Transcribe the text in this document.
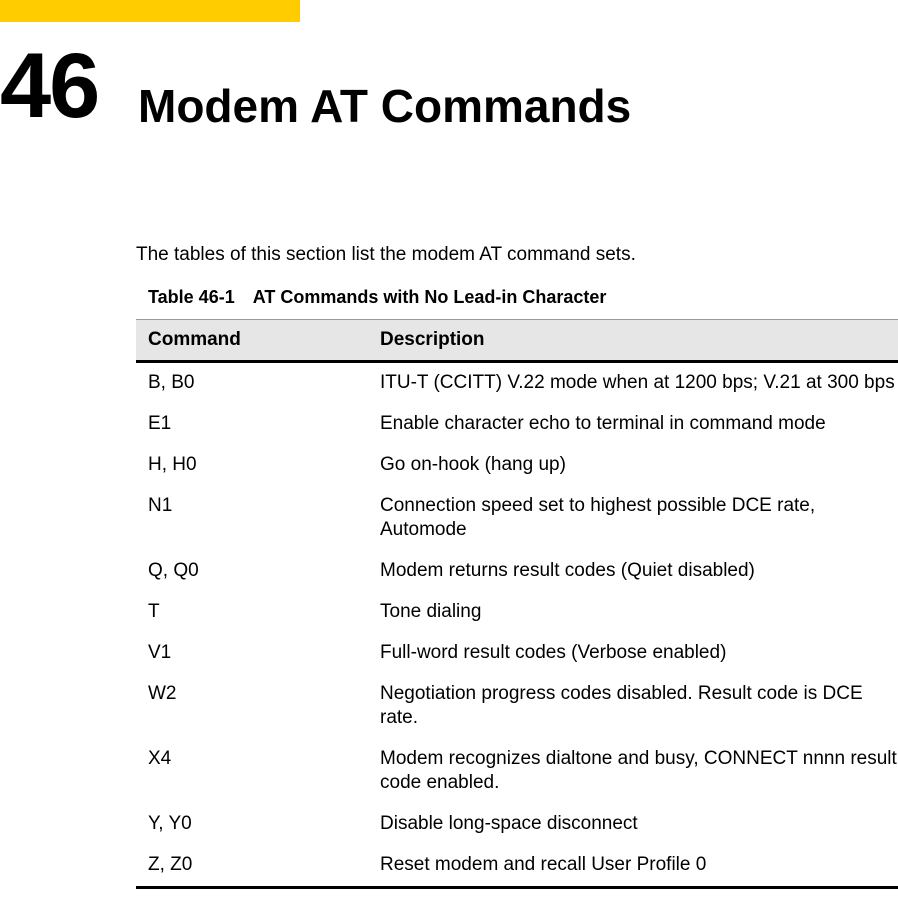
46 Modem AT Commands
The tables of this section list the modem AT command sets.
Table 46-1 AT Commands with No Lead-in Character
Command	Description
B, B0	ITU-T (CCITT) V.22 mode when at 1200 bps; V.21 at 300 bps
E1	Enable character echo to terminal in command mode
H, H0	Go on-hook (hang up)
N1	Connection speed set to highest possible DCE rate, Automode
Q, Q0	Modem returns result codes (Quiet disabled)
T	Tone dialing
V1	Full-word result codes (Verbose enabled)
W2	Negotiation progress codes disabled. Result code is DCE rate.
X4	Modem recognizes dialtone and busy, CONNECT nnnn result code enabled.
Y, Y0	Disable long-space disconnect
Z, Z0	Reset modem and recall User Profile 0
